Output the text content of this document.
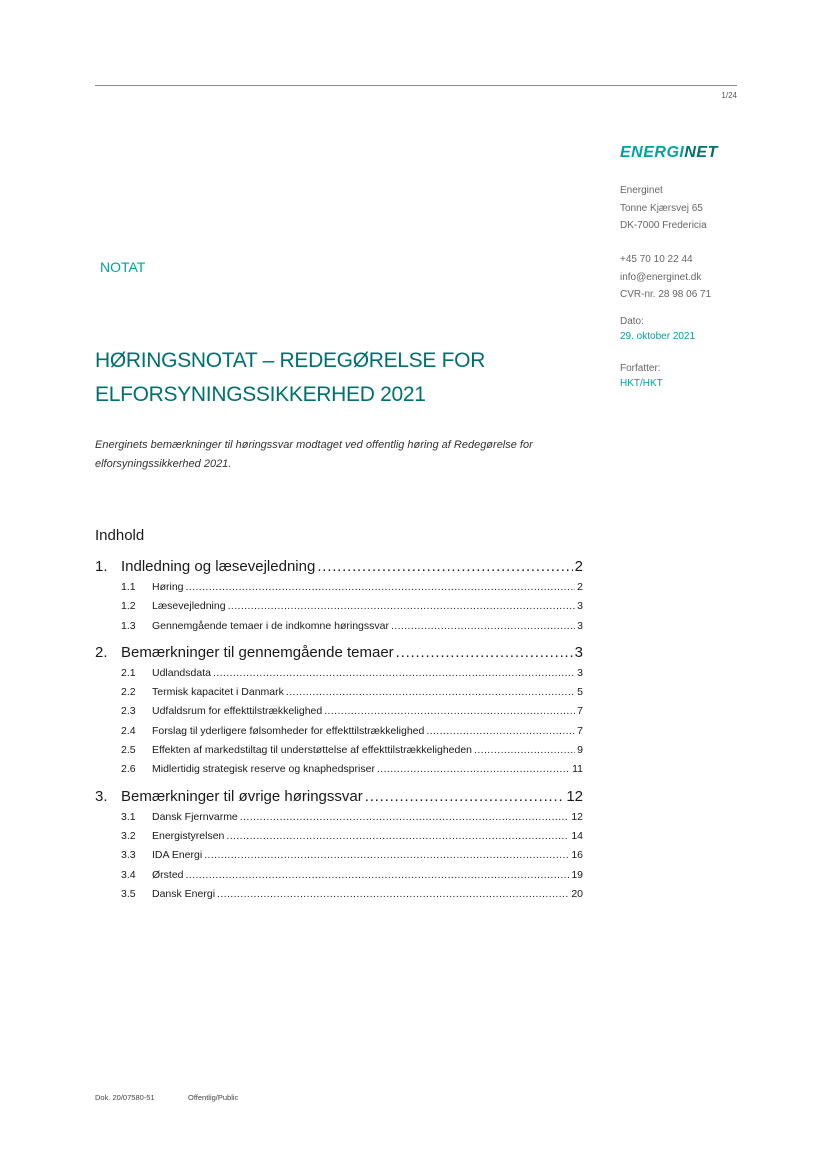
1/24
ENERGINET
Energinet
Tonne Kjærsvej 65
DK-7000 Fredericia
+45 70 10 22 44
info@energinet.dk
CVR-nr. 28 98 06 71
Dato:
29. oktober 2021
Forfatter:
HKT/HKT
NOTAT
HØRINGSNOTAT – REDEGØRELSE FOR ELFORSYNINGSSIKKERHED 2021
Energinets bemærkninger til høringssvar modtaget ved offentlig høring af Redegørelse for elforsyningssikkerhed 2021.
Indhold
1. Indledning og læsevejledning .....	2
1.1	Høring .....	2
1.2	Læsevejledning .....	3
1.3	Gennemgående temaer i de indkomne høringssvar .....	3
2. Bemærkninger til gennemgående temaer .....	3
2.1	Udlandsdata .....	3
2.2	Termisk kapacitet i Danmark .....	5
2.3	Udfaldsrum for effekttilstrækkelighed .....	7
2.4	Forslag til yderligere følsomheder for effekttilstrækkelighed .....	7
2.5	Effekten af markedstiltag til understøttelse af effekttilstrækkeligheden .....	9
2.6	Midlertidig strategisk reserve og knaphedspriser .....	11
3. Bemærkninger til øvrige høringssvar .....	12
3.1	Dansk Fjernvarme .....	12
3.2	Energistyrelsen .....	14
3.3	IDA Energi .....	16
3.4	Ørsted .....	19
3.5	Dansk Energi .....	20
Dok. 20/07580-51	Offentlig/Public
